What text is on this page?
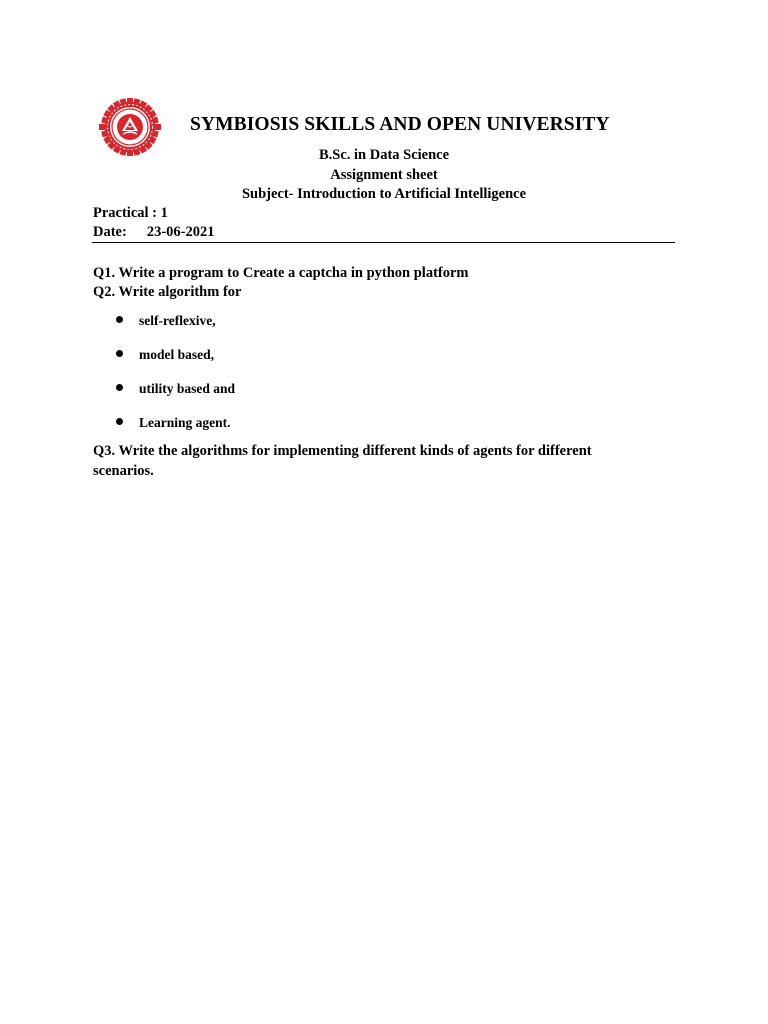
SYMBIOSIS SKILLS AND OPEN UNIVERSITY
B.Sc. in Data Science
Assignment sheet
Subject- Introduction to Artificial Intelligence
Practical : 1
Date: 23-06-2021
Q1. Write a program to Create a captcha in python platform
Q2. Write algorithm for
self-reflexive,
model based,
utility based and
Learning agent.
Q3. Write the algorithms for implementing different kinds of agents for different scenarios.
